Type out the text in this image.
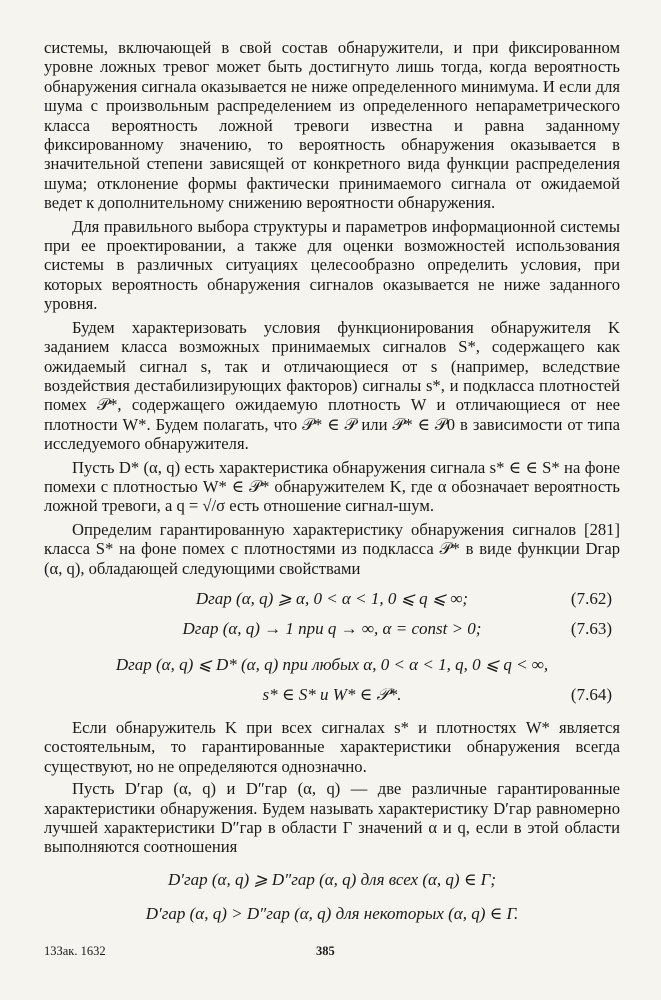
системы, включающей в свой состав обнаружители, и при фиксированном уровне ложных тревог может быть достигнуто лишь тогда, когда вероятность обнаружения сигнала оказывается не ниже определенного минимума. И если для шума с произвольным распределением из определенного непараметрического класса вероятность ложной тревоги известна и равна заданному фиксированному значению, то вероятность обнаружения оказывается в значительной степени зависящей от конкретного вида функции распределения шума; отклонение формы фактически принимаемого сигнала от ожидаемой ведет к дополнительному снижению вероятности обнаружения.

Для правильного выбора структуры и параметров информационной системы при ее проектировании, а также для оценки возможностей использования системы в различных ситуациях целесообразно определить условия, при которых вероятность обнаружения сигналов оказывается не ниже заданного уровня.

Будем характеризовать условия функционирования обнаружителя K заданием класса возможных принимаемых сигналов S*, содержащего как ожидаемый сигнал s, так и отличающиеся от s (например, вследствие воздействия дестабилизирующих факторов) сигналы s*, и подкласса плотностей помех 𝒫*, содержащего ожидаемую плотность W и отличающиеся от нее плотности W*. Будем полагать, что 𝒫* ∈ 𝒫 или 𝒫* ∈ 𝒫0 в зависимости от типа исследуемого обнаружителя.

Пусть D* (α, q) есть характеристика обнаружения сигнала s* ∈ ∈ S* на фоне помехи с плотностью W* ∈ 𝒫* обнаружителем K, где α обозначает вероятность ложной тревоги, а q = √/σ есть отношение сигнал-шум.

Определим гарантированную характеристику обнаружения сигналов [281] класса S* на фоне помех с плотностями из подкласса 𝒫* в виде функции Dгар (α, q), обладающей следующими свойствами

Dгар (α, q) ⩾ α, 0 < α < 1, 0 ⩽ q ⩽ ∞;	(7.62)
Dгар (α, q) → 1 при q → ∞, α = const > 0;	(7.63)
Dгар (α, q) ⩽ D* (α, q) при любых α, 0 < α < 1, q, 0 ⩽ q < ∞,
s* ∈ S* и W* ∈ 𝒫*.	(7.64)

Если обнаружитель K при всех сигналах s* и плотностях W* является состоятельным, то гарантированные характеристики обнаружения всегда существуют, но не определяются однозначно.

Пусть D′гар (α, q) и D″гар (α, q) — две различные гарантированные характеристики обнаружения. Будем называть характеристику D′гар равномерно лучшей характеристики D″гар в области Γ значений α и q, если в этой области выполняются соотношения

D′гар (α, q) ⩾ D″гар (α, q) для всех (α, q) ∈ Γ;
D′гар (α, q) > D″гар (α, q) для некоторых (α, q) ∈ Γ.
13Зак. 1632	385
